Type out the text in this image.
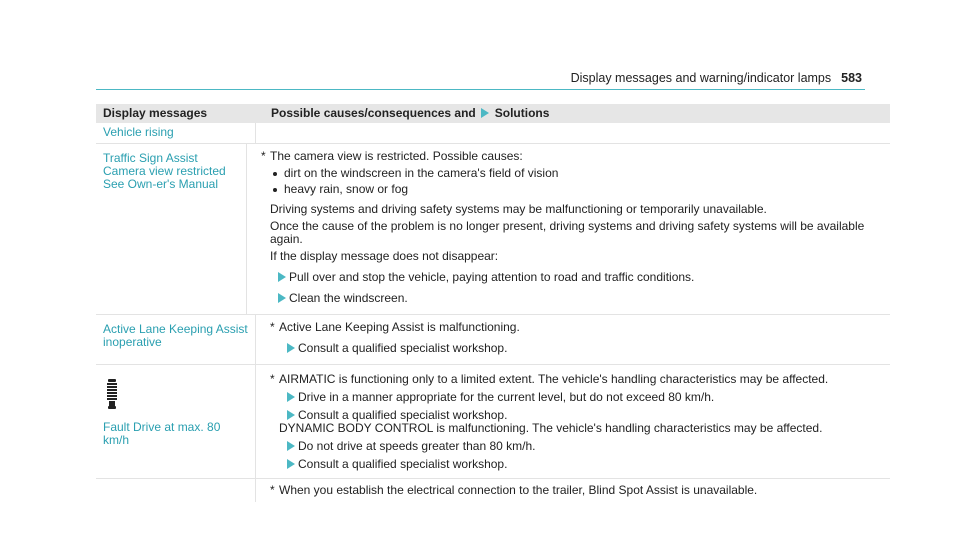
Display messages and warning/indicator lamps 583
Display messages	Possible causes/consequences and Solutions
Vehicle rising
Traffic Sign Assist Camera view restricted See Own-er's Manual
* The camera view is restricted. Possible causes:
dirt on the windscreen in the camera's field of vision
heavy rain, snow or fog
Driving systems and driving safety systems may be malfunctioning or temporarily unavailable.
Once the cause of the problem is no longer present, driving systems and driving safety systems will be available again.
If the display message does not disappear:
Pull over and stop the vehicle, paying attention to road and traffic conditions.
Clean the windscreen.
Active Lane Keeping Assist inoperative
* Active Lane Keeping Assist is malfunctioning.
Consult a qualified specialist workshop.
Fault Drive at max. 80 km/h
* AIRMATIC is functioning only to a limited extent. The vehicle's handling characteristics may be affected.
Drive in a manner appropriate for the current level, but do not exceed 80 km/h.
Consult a qualified specialist workshop.
DYNAMIC BODY CONTROL is malfunctioning. The vehicle's handling characteristics may be affected.
Do not drive at speeds greater than 80 km/h.
Consult a qualified specialist workshop.
* When you establish the electrical connection to the trailer, Blind Spot Assist is unavailable.
